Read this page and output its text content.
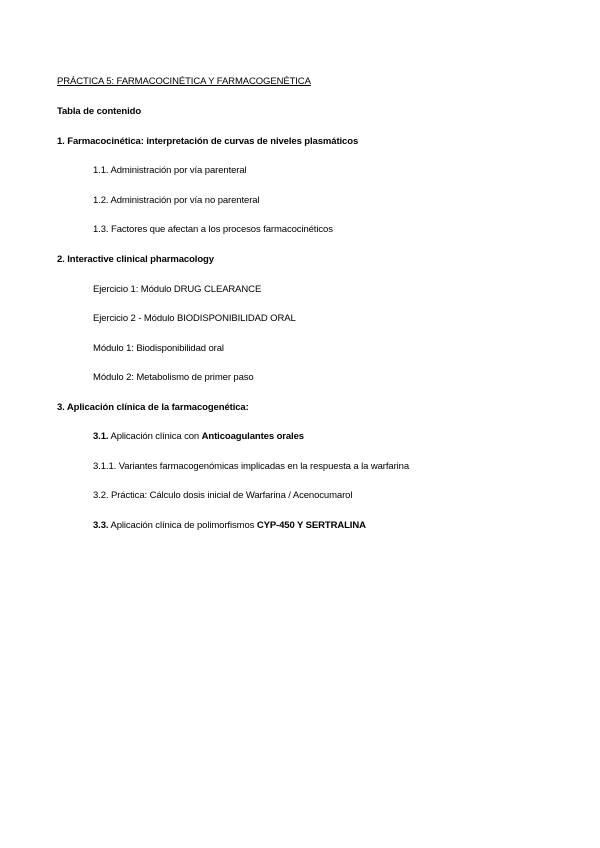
PRÁCTICA 5: FARMACOCINÉTICA Y FARMACOGENÉTICA
Tabla de contenido
1. Farmacocinética: interpretación de curvas de niveles plasmáticos
1.1. Administración por vía parenteral
1.2. Administración por vía no parenteral
1.3. Factores que afectan a los procesos farmacocinéticos
2. Interactive clinical pharmacology
Ejercicio 1: Módulo DRUG CLEARANCE
Ejercicio 2 - Módulo BIODISPONIBILIDAD ORAL
Módulo 1: Biodisponibilidad oral
Módulo 2: Metabolismo de primer paso
3. Aplicación clínica de la farmacogenética:
3.1. Aplicación clínica con Anticoagulantes orales
3.1.1. Variantes farmacogenómicas implicadas en la respuesta a la warfarina
3.2. Práctica: Cálculo dosis inicial de Warfarina / Acenocumarol
3.3. Aplicación clínica de polimorfismos CYP-450 Y SERTRALINA
